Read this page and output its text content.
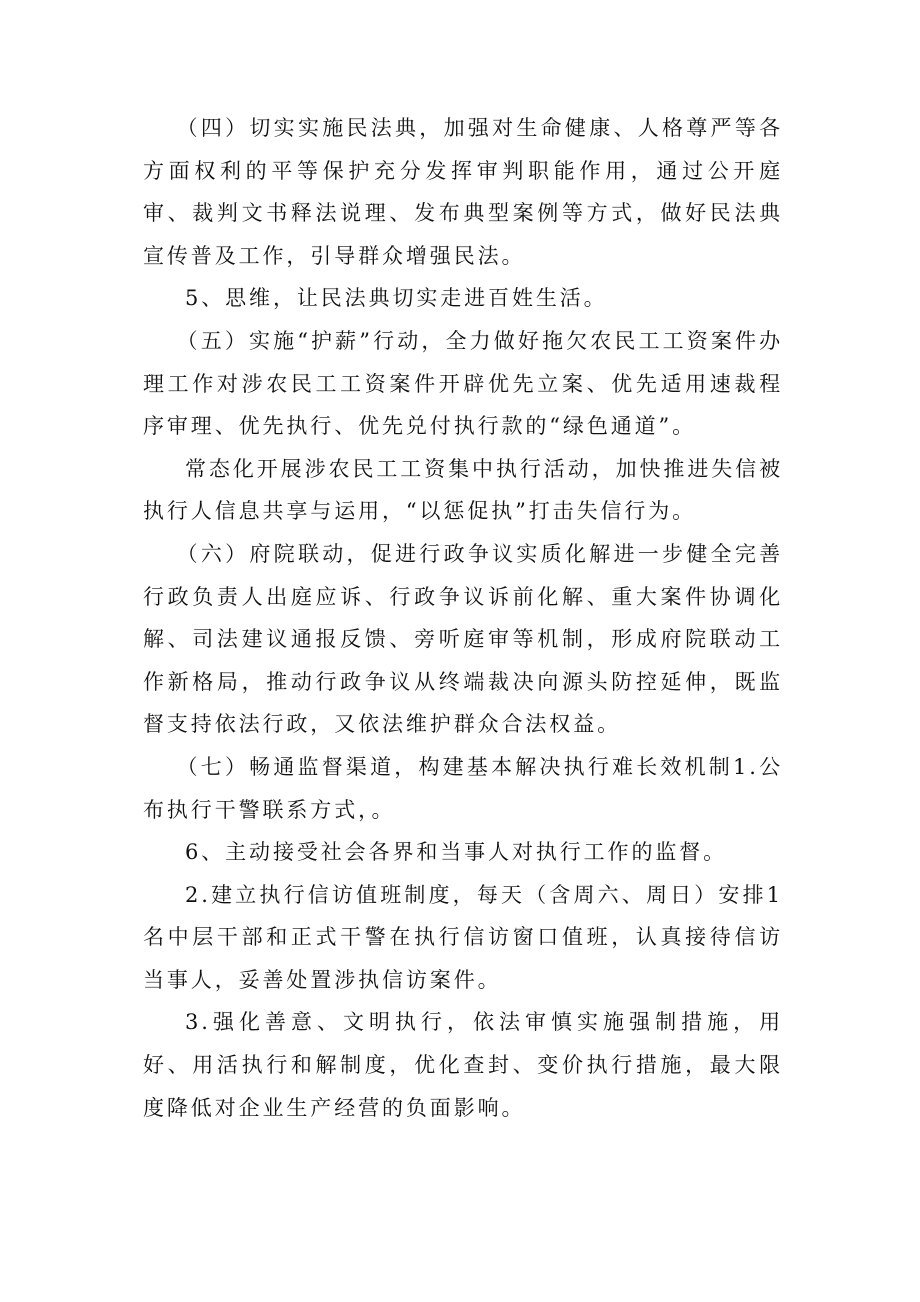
（四）切实实施民法典，加强对生命健康、人格尊严等各方面权利的平等保护充分发挥审判职能作用，通过公开庭审、裁判文书释法说理、发布典型案例等方式，做好民法典宣传普及工作，引导群众增强民法。

5、思维，让民法典切实走进百姓生活。

（五）实施“护薪”行动，全力做好拖欠农民工工资案件办理工作对涉农民工工资案件开辟优先立案、优先适用速裁程序审理、优先执行、优先兑付执行款的“绿色通道”。

常态化开展涉农民工工资集中执行活动，加快推进失信被执行人信息共享与运用，“以惩促执”打击失信行为。

（六）府院联动，促进行政争议实质化解进一步健全完善行政负责人出庭应诉、行政争议诉前化解、重大案件协调化解、司法建议通报反馈、旁听庭审等机制，形成府院联动工作新格局，推动行政争议从终端裁决向源头防控延伸，既监督支持依法行政，又依法维护群众合法权益。

（七）畅通监督渠道，构建基本解决执行难长效机制1.公布执行干警联系方式，。

6、主动接受社会各界和当事人对执行工作的监督。

2.建立执行信访值班制度，每天（含周六、周日）安排1名中层干部和正式干警在执行信访窗口值班，认真接待信访当事人，妥善处置涉执信访案件。

3.强化善意、文明执行，依法审慎实施强制措施，用好、用活执行和解制度，优化查封、变价执行措施，最大限度降低对企业生产经营的负面影响。
